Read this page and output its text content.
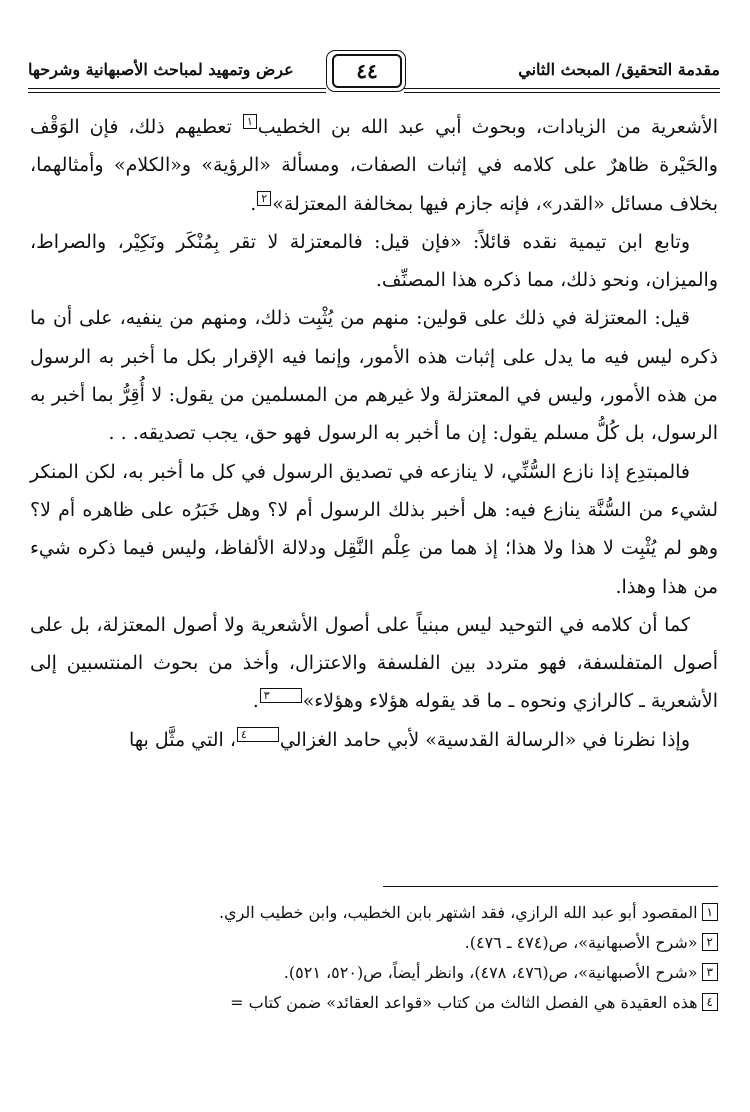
مقدمة التحقيق/ المبحث الثاني
عرض وتمهيد لمباحث الأصبهانية وشرحها	٤٤

الأشعرية من الزيادات، وبحوث أبي عبد الله بن الخطيب١ تعطيهم ذلك، فإن الوَقْف والحَيْرة ظاهرٌ على كلامه في إثبات الصفات، ومسألة «الرؤية» و«الكلام» وأمثالهما، بخلاف مسائل «القدر»، فإنه جازم فيها بمخالفة المعتزلة»٢.

وتابع ابن تيمية نقده قائلاً: «فإن قيل: فالمعتزلة لا تقر بِمُنْكَر ونَكِيْر، والصراط، والميزان، ونحو ذلك، مما ذكره هذا المصنِّف.

قيل: المعتزلة في ذلك على قولين: منهم من يُثْبِت ذلك، ومنهم من ينفيه، على أن ما ذكره ليس فيه ما يدل على إثبات هذه الأمور، وإنما فيه الإقرار بكل ما أخبر به الرسول من هذه الأمور، وليس في المعتزلة ولا غيرهم من المسلمين من يقول: لا أُقِرُّ بما أخبر به الرسول، بل كُلُّ مسلم يقول: إن ما أخبر به الرسول فهو حق، يجب تصديقه. . .

فالمبتدِع إذا نازع السُّنِّي، لا ينازعه في تصديق الرسول في كل ما أخبر به، لكن المنكر لشيء من السُّنَّة ينازع فيه: هل أخبر بذلك الرسول أم لا؟ وهل خَبَرُه على ظاهره أم لا؟ وهو لم يُثْبِت لا هذا ولا هذا؛ إذ هما من عِلْم النَّقِل ودلالة الألفاظ، وليس فيما ذكره شيء من هذا وهذا.

كما أن كلامه في التوحيد ليس مبنياً على أصول الأشعرية ولا أصول المعتزلة، بل على أصول المتفلسفة، فهو متردد بين الفلسفة والاعتزال، وأخذ من بحوث المنتسبين إلى الأشعرية ـ كالرازي ونحوه ـ ما قد يقوله هؤلاء وهؤلاء»٣.

وإذا نظرنا في «الرسالة القدسية» لأبي حامد الغزالي٤، التي مثَّل بها

١المقصود أبو عبد الله الرازي، فقد اشتهر بابن الخطيب، وابن خطيب الري.

٢«شرح الأصبهانية»، ص(٤٧٤ ـ ٤٧٦).

٣«شرح الأصبهانية»، ص(٤٧٦، ٤٧٨)، وانظر أيضاً، ص(٥٢٠، ٥٢١).

٤هذه العقيدة هي الفصل الثالث من كتاب «قواعد العقائد» ضمن كتاب =
